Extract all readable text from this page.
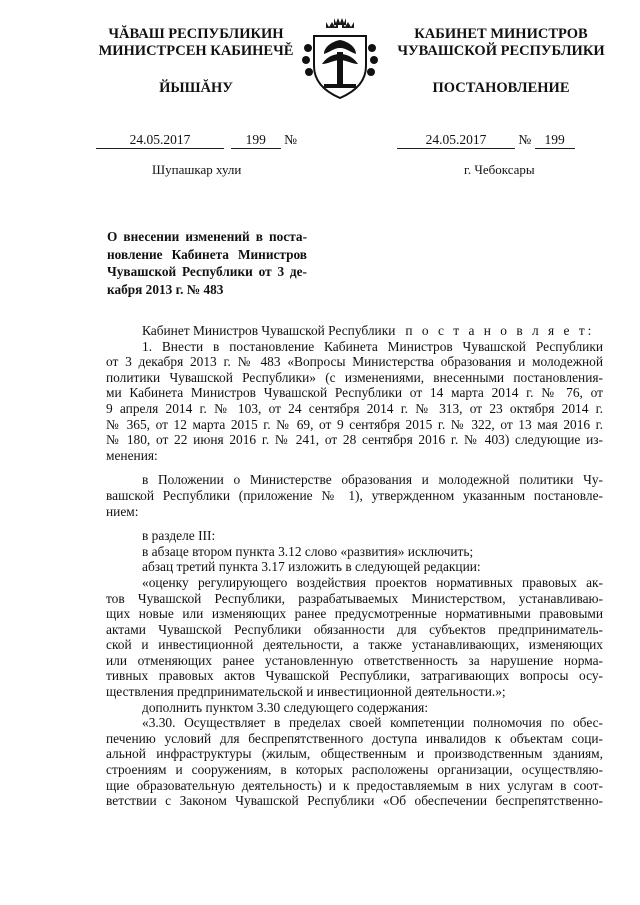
ЧĂВАШ РЕСПУБЛИКИН
МИНИСТРСЕН КАБИНЕЧĚ
ЙЫШĂНУ
КАБИНЕТ МИНИСТРОВ
ЧУВАШСКОЙ РЕСПУБЛИКИ
ПОСТАНОВЛЕНИЕ
24.05.2017	199 №	24.05.2017 № 199
Шупашкар хули	г. Чебоксары
О внесении изменений в поста-
новление Кабинета Министров
Чувашской Республики от 3 де-
кабря 2013 г. № 483
Кабинет Министров Чувашской Республики п о с т а н о в л я е т:
1. Внести в постановление Кабинета Министров Чувашской Республики
от 3 декабря 2013 г. № 483 «Вопросы Министерства образования и молодежной
политики Чувашской Республики» (с изменениями, внесенными постановления-
ми Кабинета Министров Чувашской Республики от 14 марта 2014 г. № 76, от
9 апреля 2014 г. № 103, от 24 сентября 2014 г. № 313, от 23 октября 2014 г.
№ 365, от 12 марта 2015 г. № 69, от 9 сентября 2015 г. № 322, от 13 мая 2016 г.
№ 180, от 22 июня 2016 г. № 241, от 28 сентября 2016 г. № 403) следующие из-
менения:
в Положении о Министерстве образования и молодежной политики Чу-
вашской Республики (приложение № 1), утвержденном указанным постановле-
нием:
в разделе III:
в абзаце втором пункта 3.12 слово «развития» исключить;
абзац третий пункта 3.17 изложить в следующей редакции:
«оценку регулирующего воздействия проектов нормативных правовых ак-
тов Чувашской Республики, разрабатываемых Министерством, устанавливаю-
щих новые или изменяющих ранее предусмотренные нормативными правовыми
актами Чувашской Республики обязанности для субъектов предприниматель-
ской и инвестиционной деятельности, а также устанавливающих, изменяющих
или отменяющих ранее установленную ответственность за нарушение норма-
тивных правовых актов Чувашской Республики, затрагивающих вопросы осу-
ществления предпринимательской и инвестиционной деятельности.»;
дополнить пунктом 3.30 следующего содержания:
«3.30. Осуществляет в пределах своей компетенции полномочия по обес-
печению условий для беспрепятственного доступа инвалидов к объектам соци-
альной инфраструктуры (жилым, общественным и производственным зданиям,
строениям и сооружениям, в которых расположены организации, осуществляю-
щие образовательную деятельность) и к предоставляемым в них услугам в соот-
ветствии с Законом Чувашской Республики «Об обеспечении беспрепятственно-
